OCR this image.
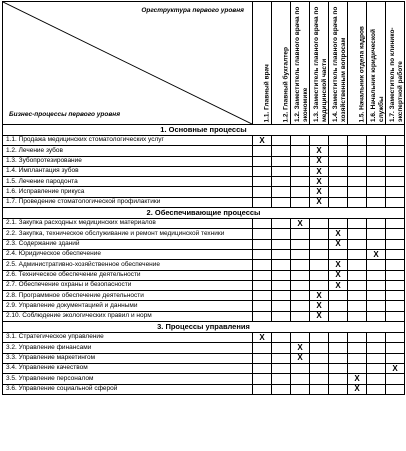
Оргструктура первого уровня
Бизнес-процессы первого уровня	1.1. Главный врач	1.2. Главный бухгалтер	1.2. Заместитель главного врача по экономике	1.3. Заместитель главного врача по медицинской части	1.4. Заместитель главного врача по хозяйственным вопросам	1.5. Начальник отдела кадров	1.6. Начальник юридической службы	1.7. Заместитель по клинико-экспертной работе

1. Основные процессы								
1.1. Продажа медицинских стоматологических услуг	X							
1.2. Лечение зубов				X				
1.3. Зубопротезирование				X				
1.4. Имплантация зубов				X				
1.5. Лечение пародонта				X				
1.6. Исправление прикуса				X				
1.7. Проведение стоматологической профилактики				X				
2. Обеспечивающие процессы								
2.1. Закупка расходных медицинских материалов			X					
2.2. Закупка, техническое обслуживание и ремонт медицинской техники					X			
2.3. Содержание зданий					X			
2.4. Юридическое обеспечение							X	
2.5. Административно-хозяйственное обеспечение					X			
2.6. Техническое обеспечение деятельности					X			
2.7. Обеспечение охраны и безопасности					X			
2.8. Программное обеспечение деятельности				X				
2.9. Управление документацией и данными				X				
2.10. Соблюдение экологических правил и норм				X				
3. Процессы управления								
3.1. Стратегическое управление	X							
3.2. Управление финансами			X					
3.3. Управление маркетингом			X					
3.4. Управление качеством								X
3.5. Управление персоналом						X		
3.6. Управление социальной сферой						X		
